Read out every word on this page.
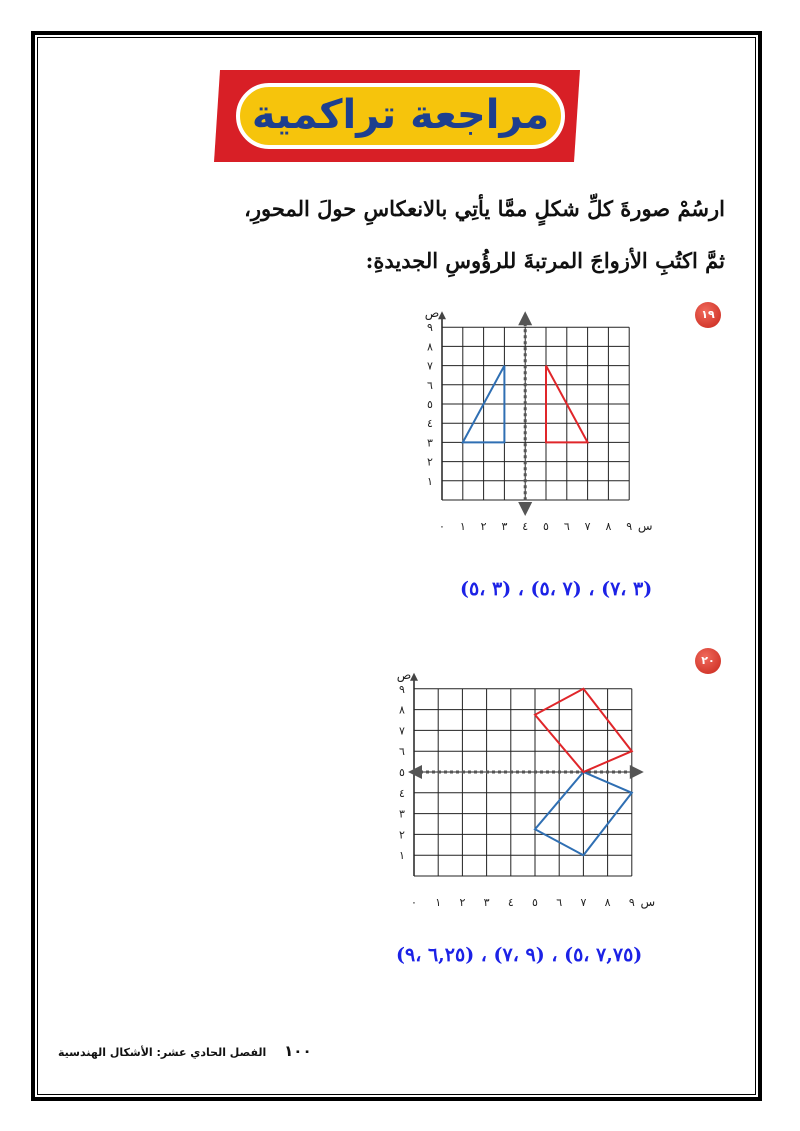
مراجعة تراكمية
ارسُمْ صورةَ كلِّ شكلٍ ممَّا يأتِي بالانعكاسِ حولَ المحورِ،
ثمَّ اكتُبِ الأزواجَ المرتبةَ للرؤُوسِ الجديدةِ:
١٩
٠ ١ ٢ ٣ ٤ ٥ ٦ ٧ ٨ ٩ س
١
٢
٣
٤
٥
٦
٧
٨
٩
ص
(٣ ،٧) ، (٧ ،٥) ، (٣ ،٥)
٢٠
٠ ١ ٢ ٣ ٤ ٥ ٦ ٧ ٨ ٩ س
١
٢
٣
٤
٥
٦
٧
٨
٩
ص
(٧,٧٥ ،٥) ، (٩ ،٧) ، (٦,٢٥ ،٩)
١٠٠ الفصل الحادي عشر: الأشكال الهندسية
